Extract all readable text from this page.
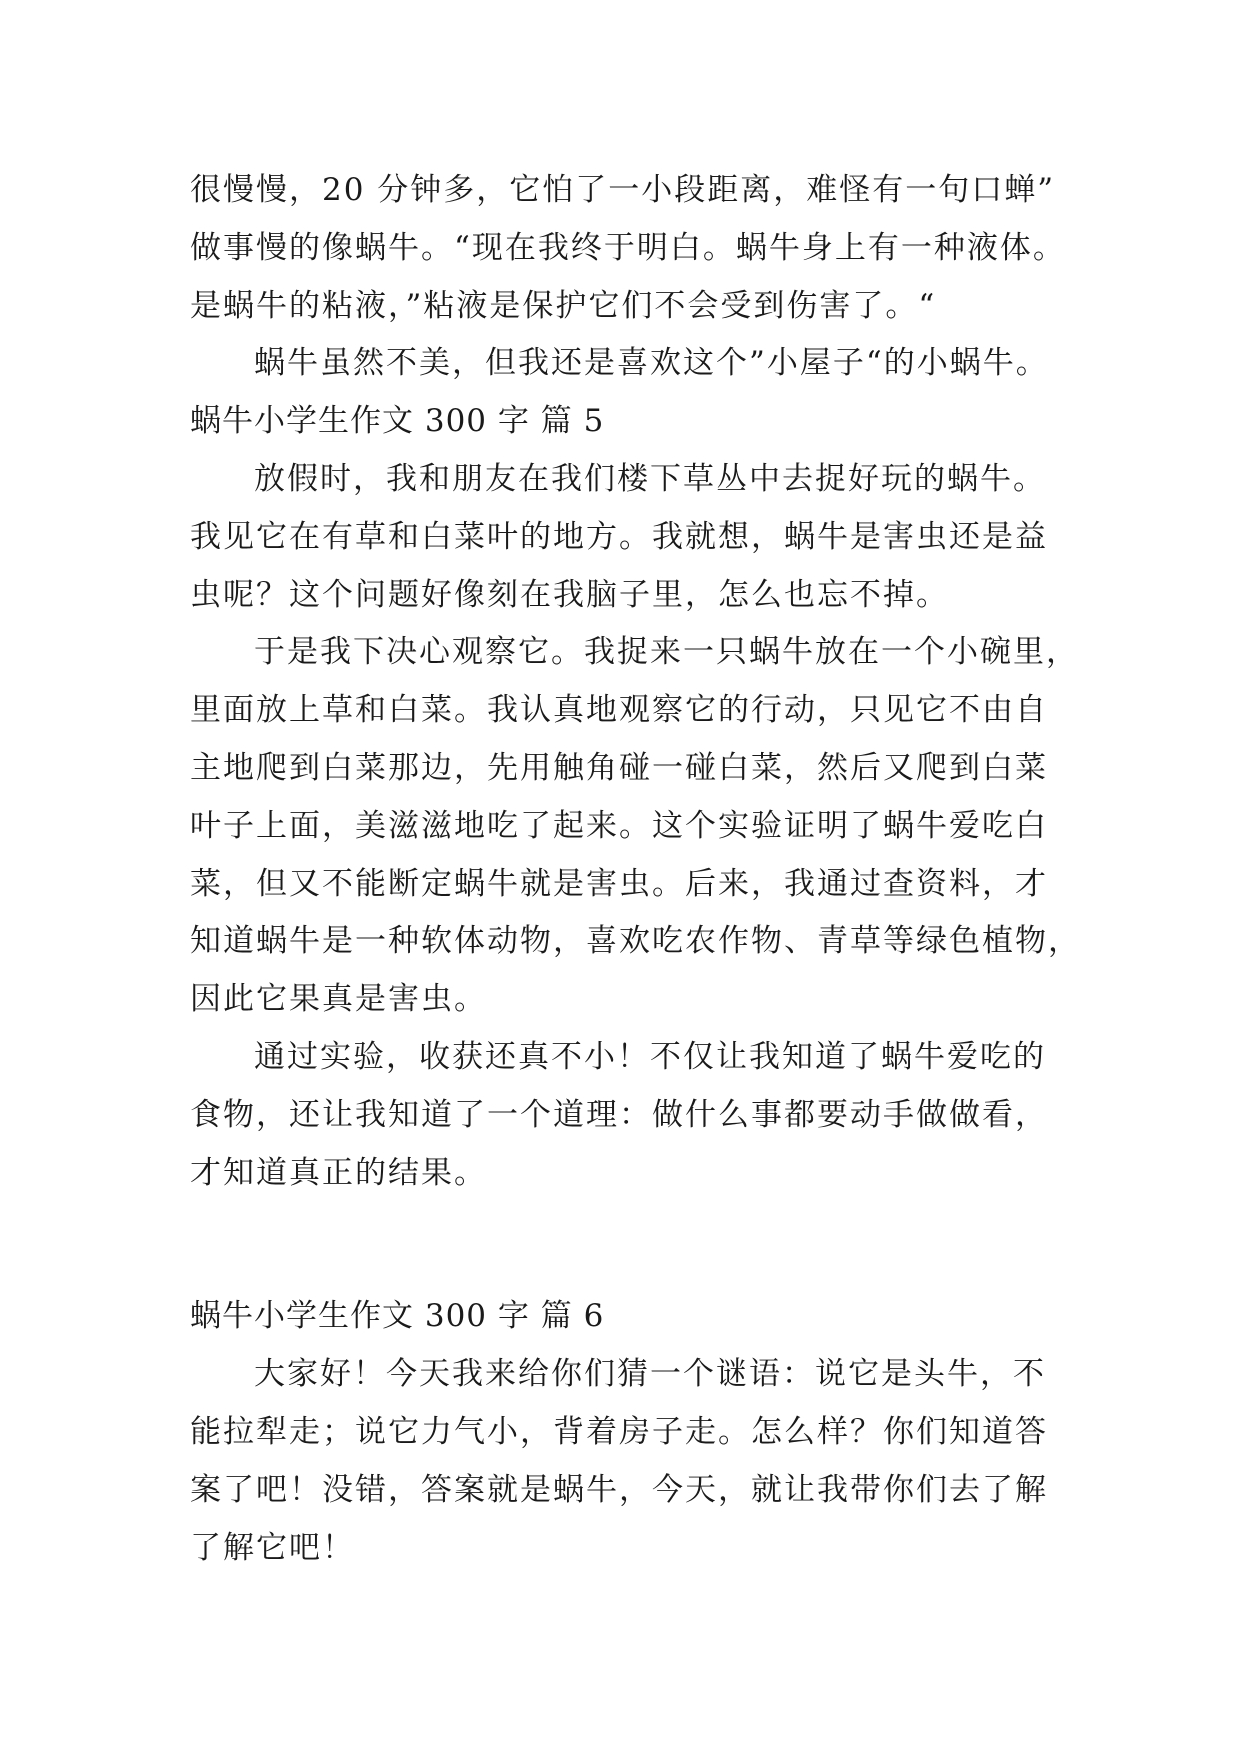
很慢慢，20 分钟多，它怕了一小段距离，难怪有一句口蝉”
做事慢的像蜗牛。“现在我终于明白。蜗牛身上有一种液体。
是蜗牛的粘液，”粘液是保护它们不会受到伤害了。“
蜗牛虽然不美，但我还是喜欢这个”小屋子“的小蜗牛。
蜗牛小学生作文 300 字 篇 5
放假时，我和朋友在我们楼下草丛中去捉好玩的蜗牛。
我见它在有草和白菜叶的地方。我就想，蜗牛是害虫还是益
虫呢？这个问题好像刻在我脑子里，怎么也忘不掉。
于是我下决心观察它。我捉来一只蜗牛放在一个小碗里，
里面放上草和白菜。我认真地观察它的行动，只见它不由自
主地爬到白菜那边，先用触角碰一碰白菜，然后又爬到白菜
叶子上面，美滋滋地吃了起来。这个实验证明了蜗牛爱吃白
菜，但又不能断定蜗牛就是害虫。后来，我通过查资料，才
知道蜗牛是一种软体动物，喜欢吃农作物、青草等绿色植物，
因此它果真是害虫。
通过实验，收获还真不小！不仅让我知道了蜗牛爱吃的
食物，还让我知道了一个道理：做什么事都要动手做做看，
才知道真正的结果。
蜗牛小学生作文 300 字 篇 6
大家好！今天我来给你们猜一个谜语：说它是头牛，不
能拉犁走；说它力气小，背着房子走。怎么样？你们知道答
案了吧！没错，答案就是蜗牛，今天，就让我带你们去了解
了解它吧！
